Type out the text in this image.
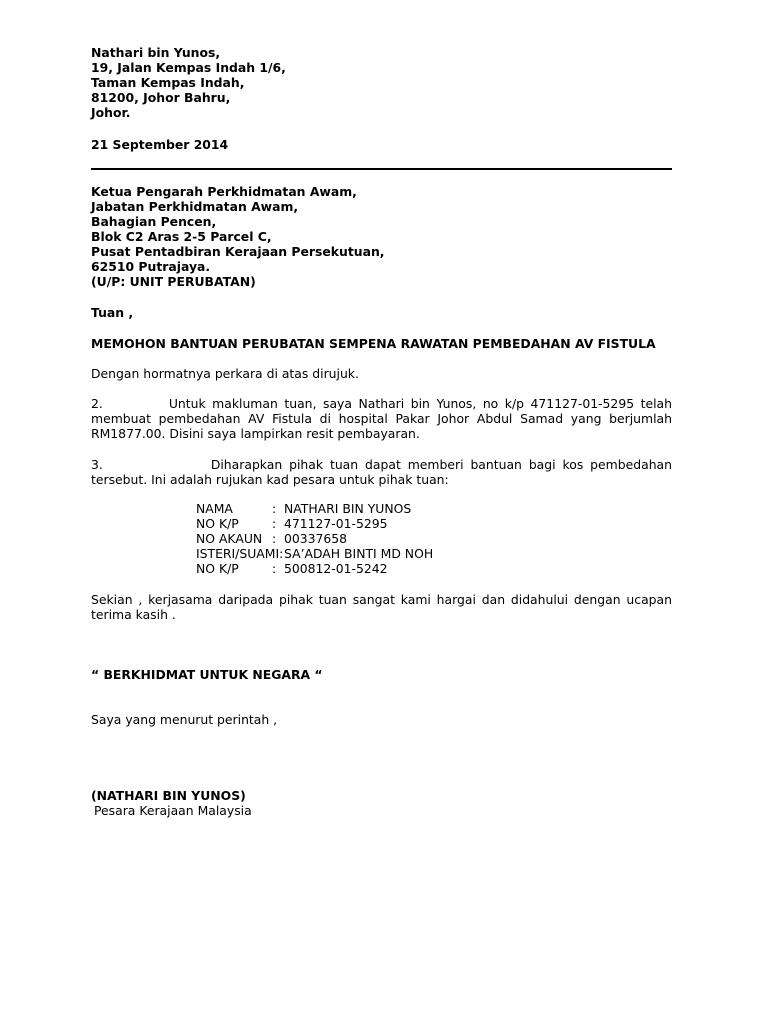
Nathari bin Yunos,
19, Jalan Kempas Indah 1/6,
Taman Kempas Indah,
81200, Johor Bahru,
Johor.
21 September 2014
Ketua Pengarah Perkhidmatan Awam,
Jabatan Perkhidmatan Awam,
Bahagian Pencen,
Blok C2 Aras 2-5 Parcel C,
Pusat Pentadbiran Kerajaan Persekutuan,
62510 Putrajaya.
(U/P: UNIT PERUBATAN)
Tuan ,
MEMOHON BANTUAN PERUBATAN SEMPENA RAWATAN PEMBEDAHAN AV FISTULA
Dengan hormatnya perkara di atas dirujuk.
2.	Untuk makluman tuan, saya Nathari bin Yunos, no k/p 471127-01-5295 telah membuat pembedahan AV Fistula di hospital Pakar Johor Abdul Samad yang berjumlah RM1877.00. Disini saya lampirkan resit pembayaran.
3.	Diharapkan pihak tuan dapat memberi bantuan bagi kos pembedahan tersebut. Ini adalah rujukan kad pesara untuk pihak tuan:
NAMA	: NATHARI BIN YUNOS
NO K/P	: 471127-01-5295
NO AKAUN : 00337658
ISTERI/SUAMI:SA’ADAH BINTI MD NOH
NO K/P	: 500812-01-5242
Sekian , kerjasama daripada pihak tuan sangat kami hargai dan didahului dengan ucapan terima kasih .
“ BERKHIDMAT UNTUK NEGARA “
Saya yang menurut perintah ,
(NATHARI BIN YUNOS)
Pesara Kerajaan Malaysia
